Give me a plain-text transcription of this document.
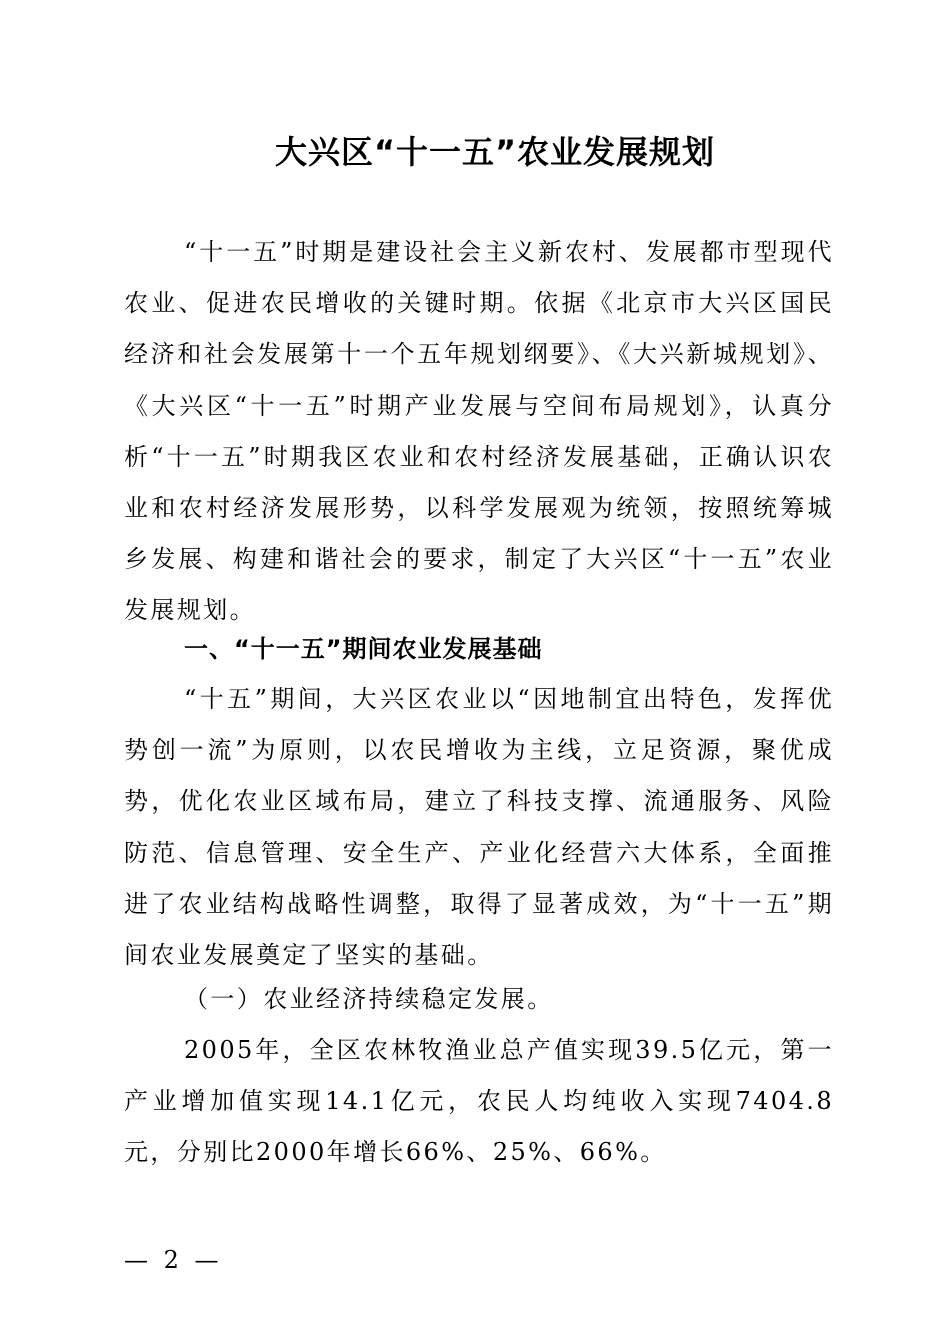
大兴区“十一五”农业发展规划

“十一五”时期是建设社会主义新农村、发展都市型现代农业、促进农民增收的关键时期。依据《北京市大兴区国民经济和社会发展第十一个五年规划纲要》、《大兴新城规划》、《大兴区“十一五”时期产业发展与空间布局规划》，认真分析“十一五”时期我区农业和农村经济发展基础，正确认识农业和农村经济发展形势，以科学发展观为统领，按照统筹城乡发展、构建和谐社会的要求，制定了大兴区“十一五”农业发展规划。

一、“十一五”期间农业发展基础

“十五”期间，大兴区农业以“因地制宜出特色，发挥优势创一流”为原则，以农民增收为主线，立足资源，聚优成势，优化农业区域布局，建立了科技支撑、流通服务、风险防范、信息管理、安全生产、产业化经营六大体系，全面推进了农业结构战略性调整，取得了显著成效，为“十一五”期间农业发展奠定了坚实的基础。

（一）农业经济持续稳定发展。

2005年，全区农林牧渔业总产值实现39.5亿元，第一产业增加值实现14.1亿元，农民人均纯收入实现7404.8元，分别比2000年增长66%、25%、66%。

— 2 —
